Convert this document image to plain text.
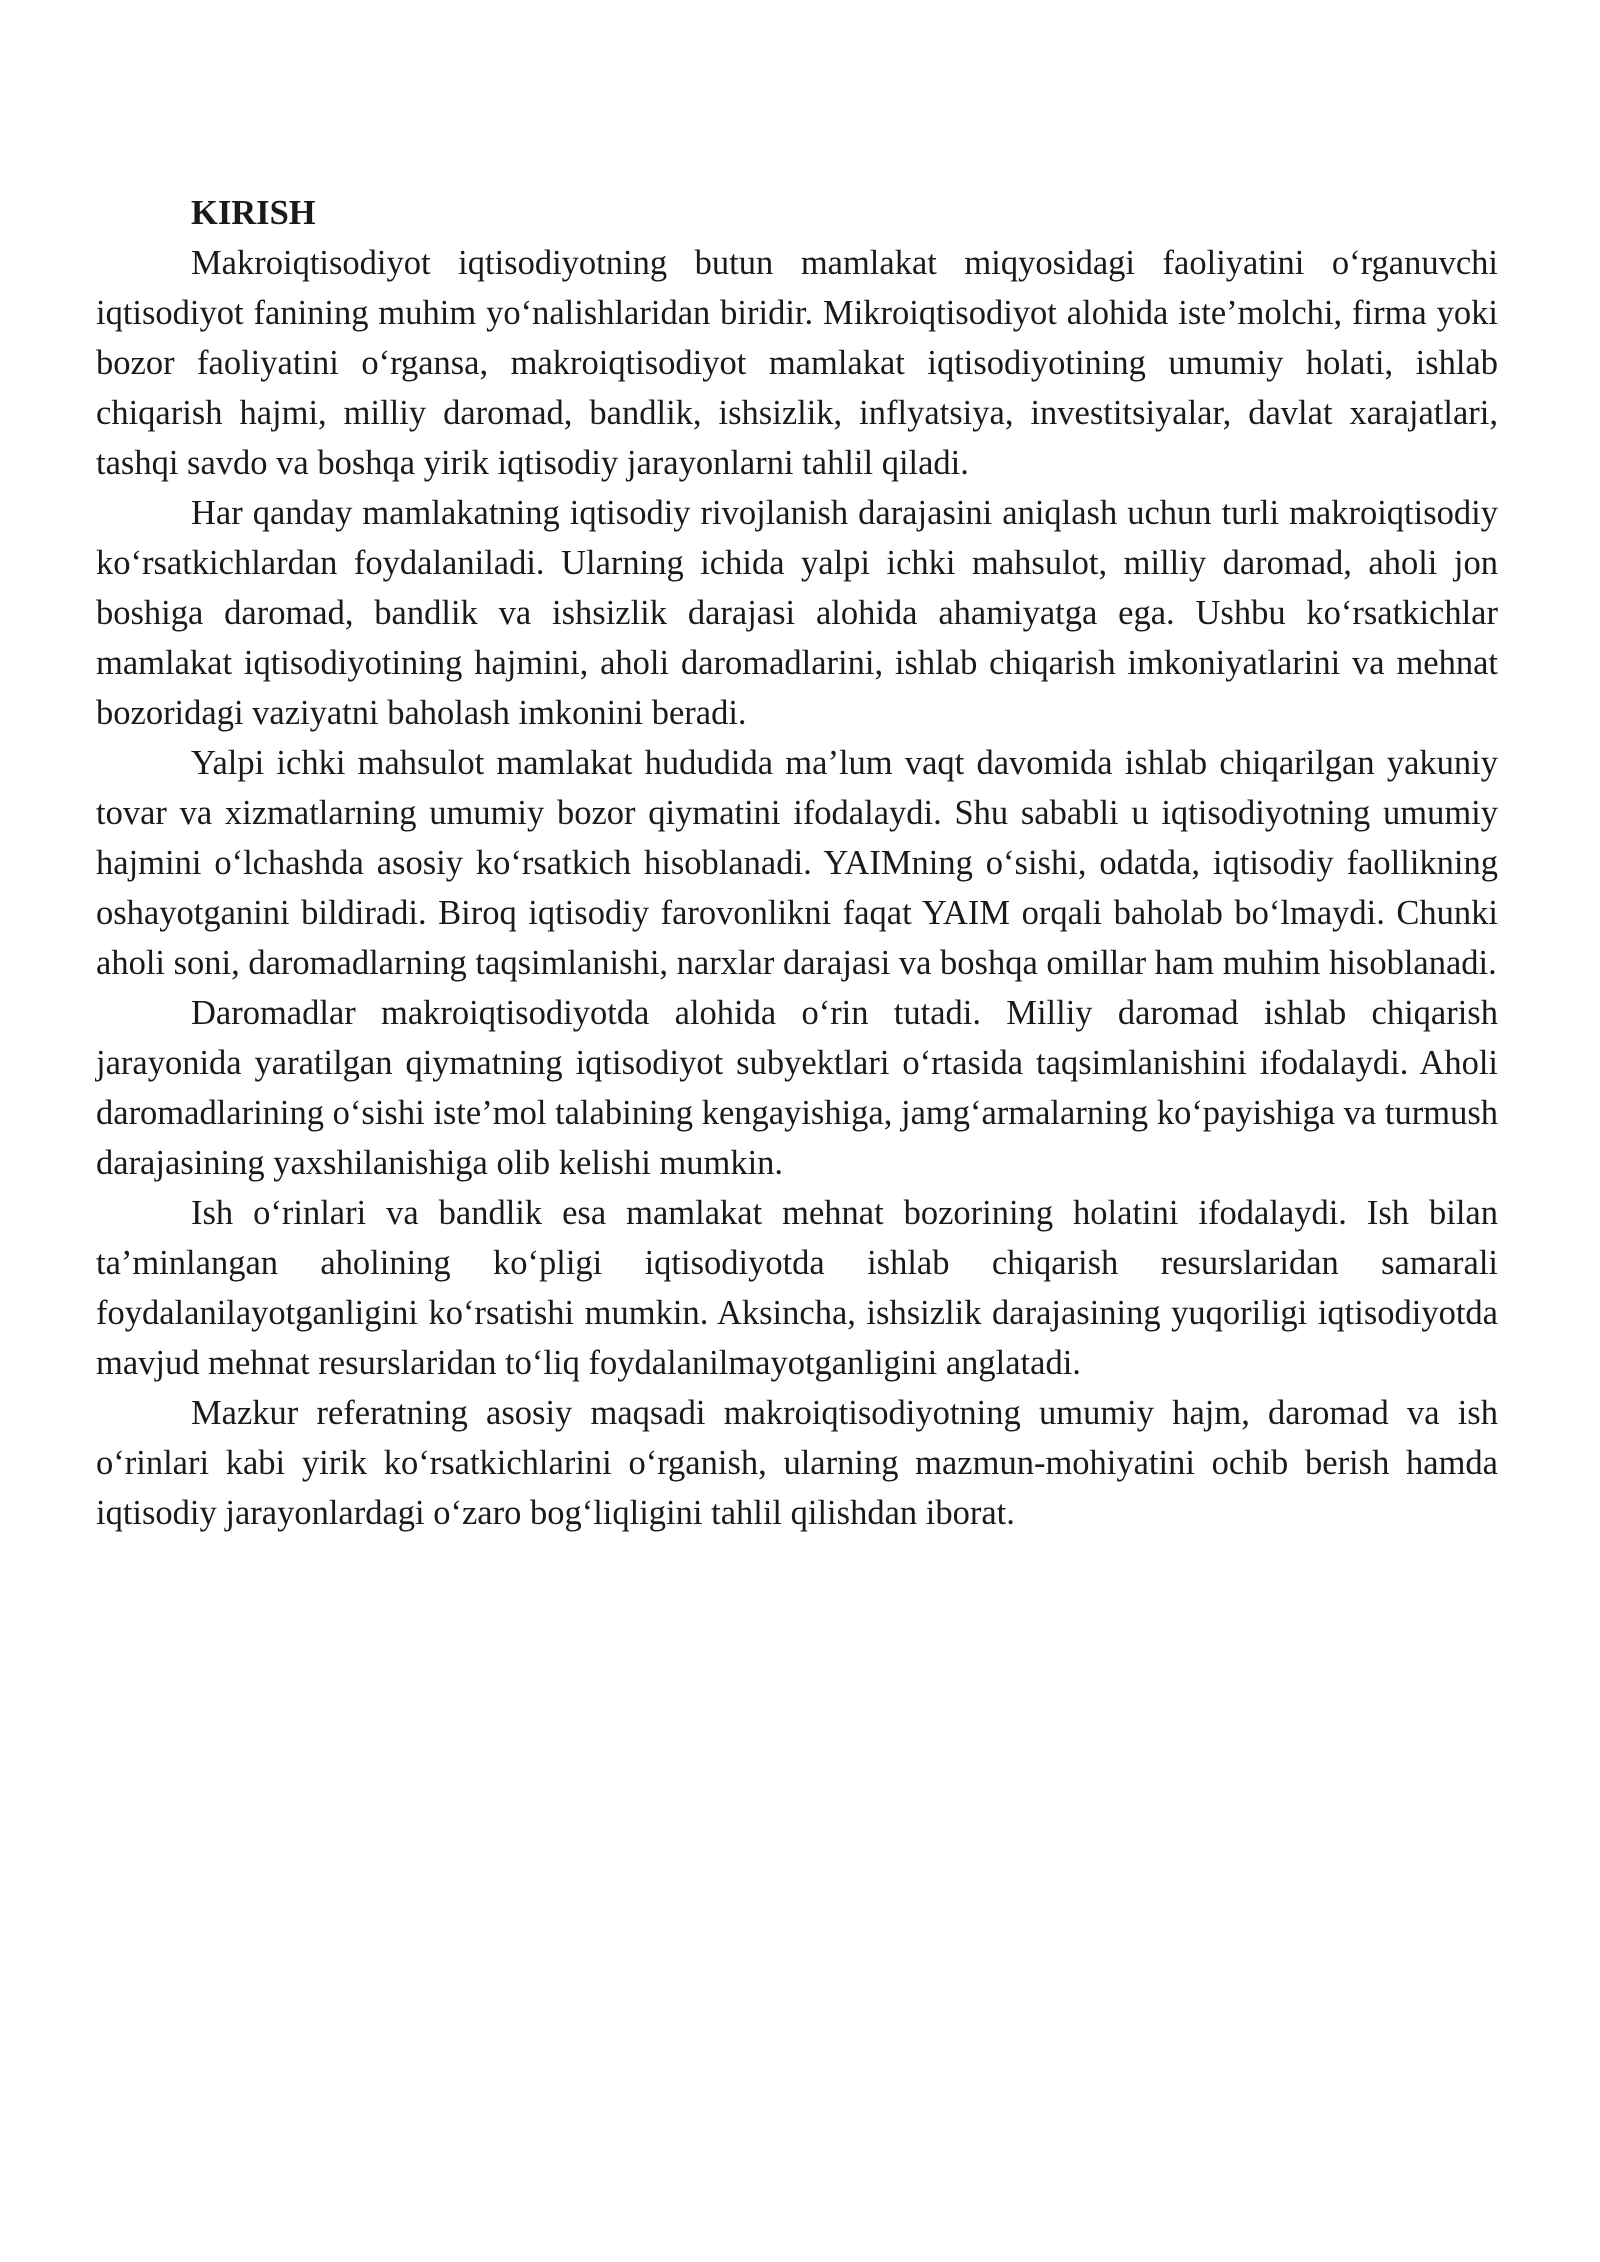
KIRISH

Makroiqtisodiyot iqtisodiyotning butun mamlakat miqyosidagi faoliyatini o‘rganuvchi iqtisodiyot fanining muhim yo‘nalishlaridan biridir. Mikroiqtisodiyot alohida iste’molchi, firma yoki bozor faoliyatini o‘rgansa, makroiqtisodiyot mamlakat iqtisodiyotining umumiy holati, ishlab chiqarish hajmi, milliy daromad, bandlik, ishsizlik, inflyatsiya, investitsiyalar, davlat xarajatlari, tashqi savdo va boshqa yirik iqtisodiy jarayonlarni tahlil qiladi.

Har qanday mamlakatning iqtisodiy rivojlanish darajasini aniqlash uchun turli makroiqtisodiy ko‘rsatkichlardan foydalaniladi. Ularning ichida yalpi ichki mahsulot, milliy daromad, aholi jon boshiga daromad, bandlik va ishsizlik darajasi alohida ahamiyatga ega. Ushbu ko‘rsatkichlar mamlakat iqtisodiyotining hajmini, aholi daromadlarini, ishlab chiqarish imkoniyatlarini va mehnat bozoridagi vaziyatni baholash imkonini beradi.

Yalpi ichki mahsulot mamlakat hududida ma’lum vaqt davomida ishlab chiqarilgan yakuniy tovar va xizmatlarning umumiy bozor qiymatini ifodalaydi. Shu sababli u iqtisodiyotning umumiy hajmini o‘lchashda asosiy ko‘rsatkich hisoblanadi. YAIMning o‘sishi, odatda, iqtisodiy faollikning oshayotganini bildiradi. Biroq iqtisodiy farovonlikni faqat YAIM orqali baholab bo‘lmaydi. Chunki aholi soni, daromadlarning taqsimlanishi, narxlar darajasi va boshqa omillar ham muhim hisoblanadi.

Daromadlar makroiqtisodiyotda alohida o‘rin tutadi. Milliy daromad ishlab chiqarish jarayonida yaratilgan qiymatning iqtisodiyot subyektlari o‘rtasida taqsimlanishini ifodalaydi. Aholi daromadlarining o‘sishi iste’mol talabining kengayishiga, jamg‘armalarning ko‘payishiga va turmush darajasining yaxshilanishiga olib kelishi mumkin.

Ish o‘rinlari va bandlik esa mamlakat mehnat bozorining holatini ifodalaydi. Ish bilan ta’minlangan aholining ko‘pligi iqtisodiyotda ishlab chiqarish resurslaridan samarali foydalanilayotganligini ko‘rsatishi mumkin. Aksincha, ishsizlik darajasining yuqoriligi iqtisodiyotda mavjud mehnat resurslaridan to‘liq foydalanilmayotganligini anglatadi.

Mazkur referatning asosiy maqsadi makroiqtisodiyotning umumiy hajm, daromad va ish o‘rinlari kabi yirik ko‘rsatkichlarini o‘rganish, ularning mazmun-mohiyatini ochib berish hamda iqtisodiy jarayonlardagi o‘zaro bog‘liqligini tahlil qilishdan iborat.
